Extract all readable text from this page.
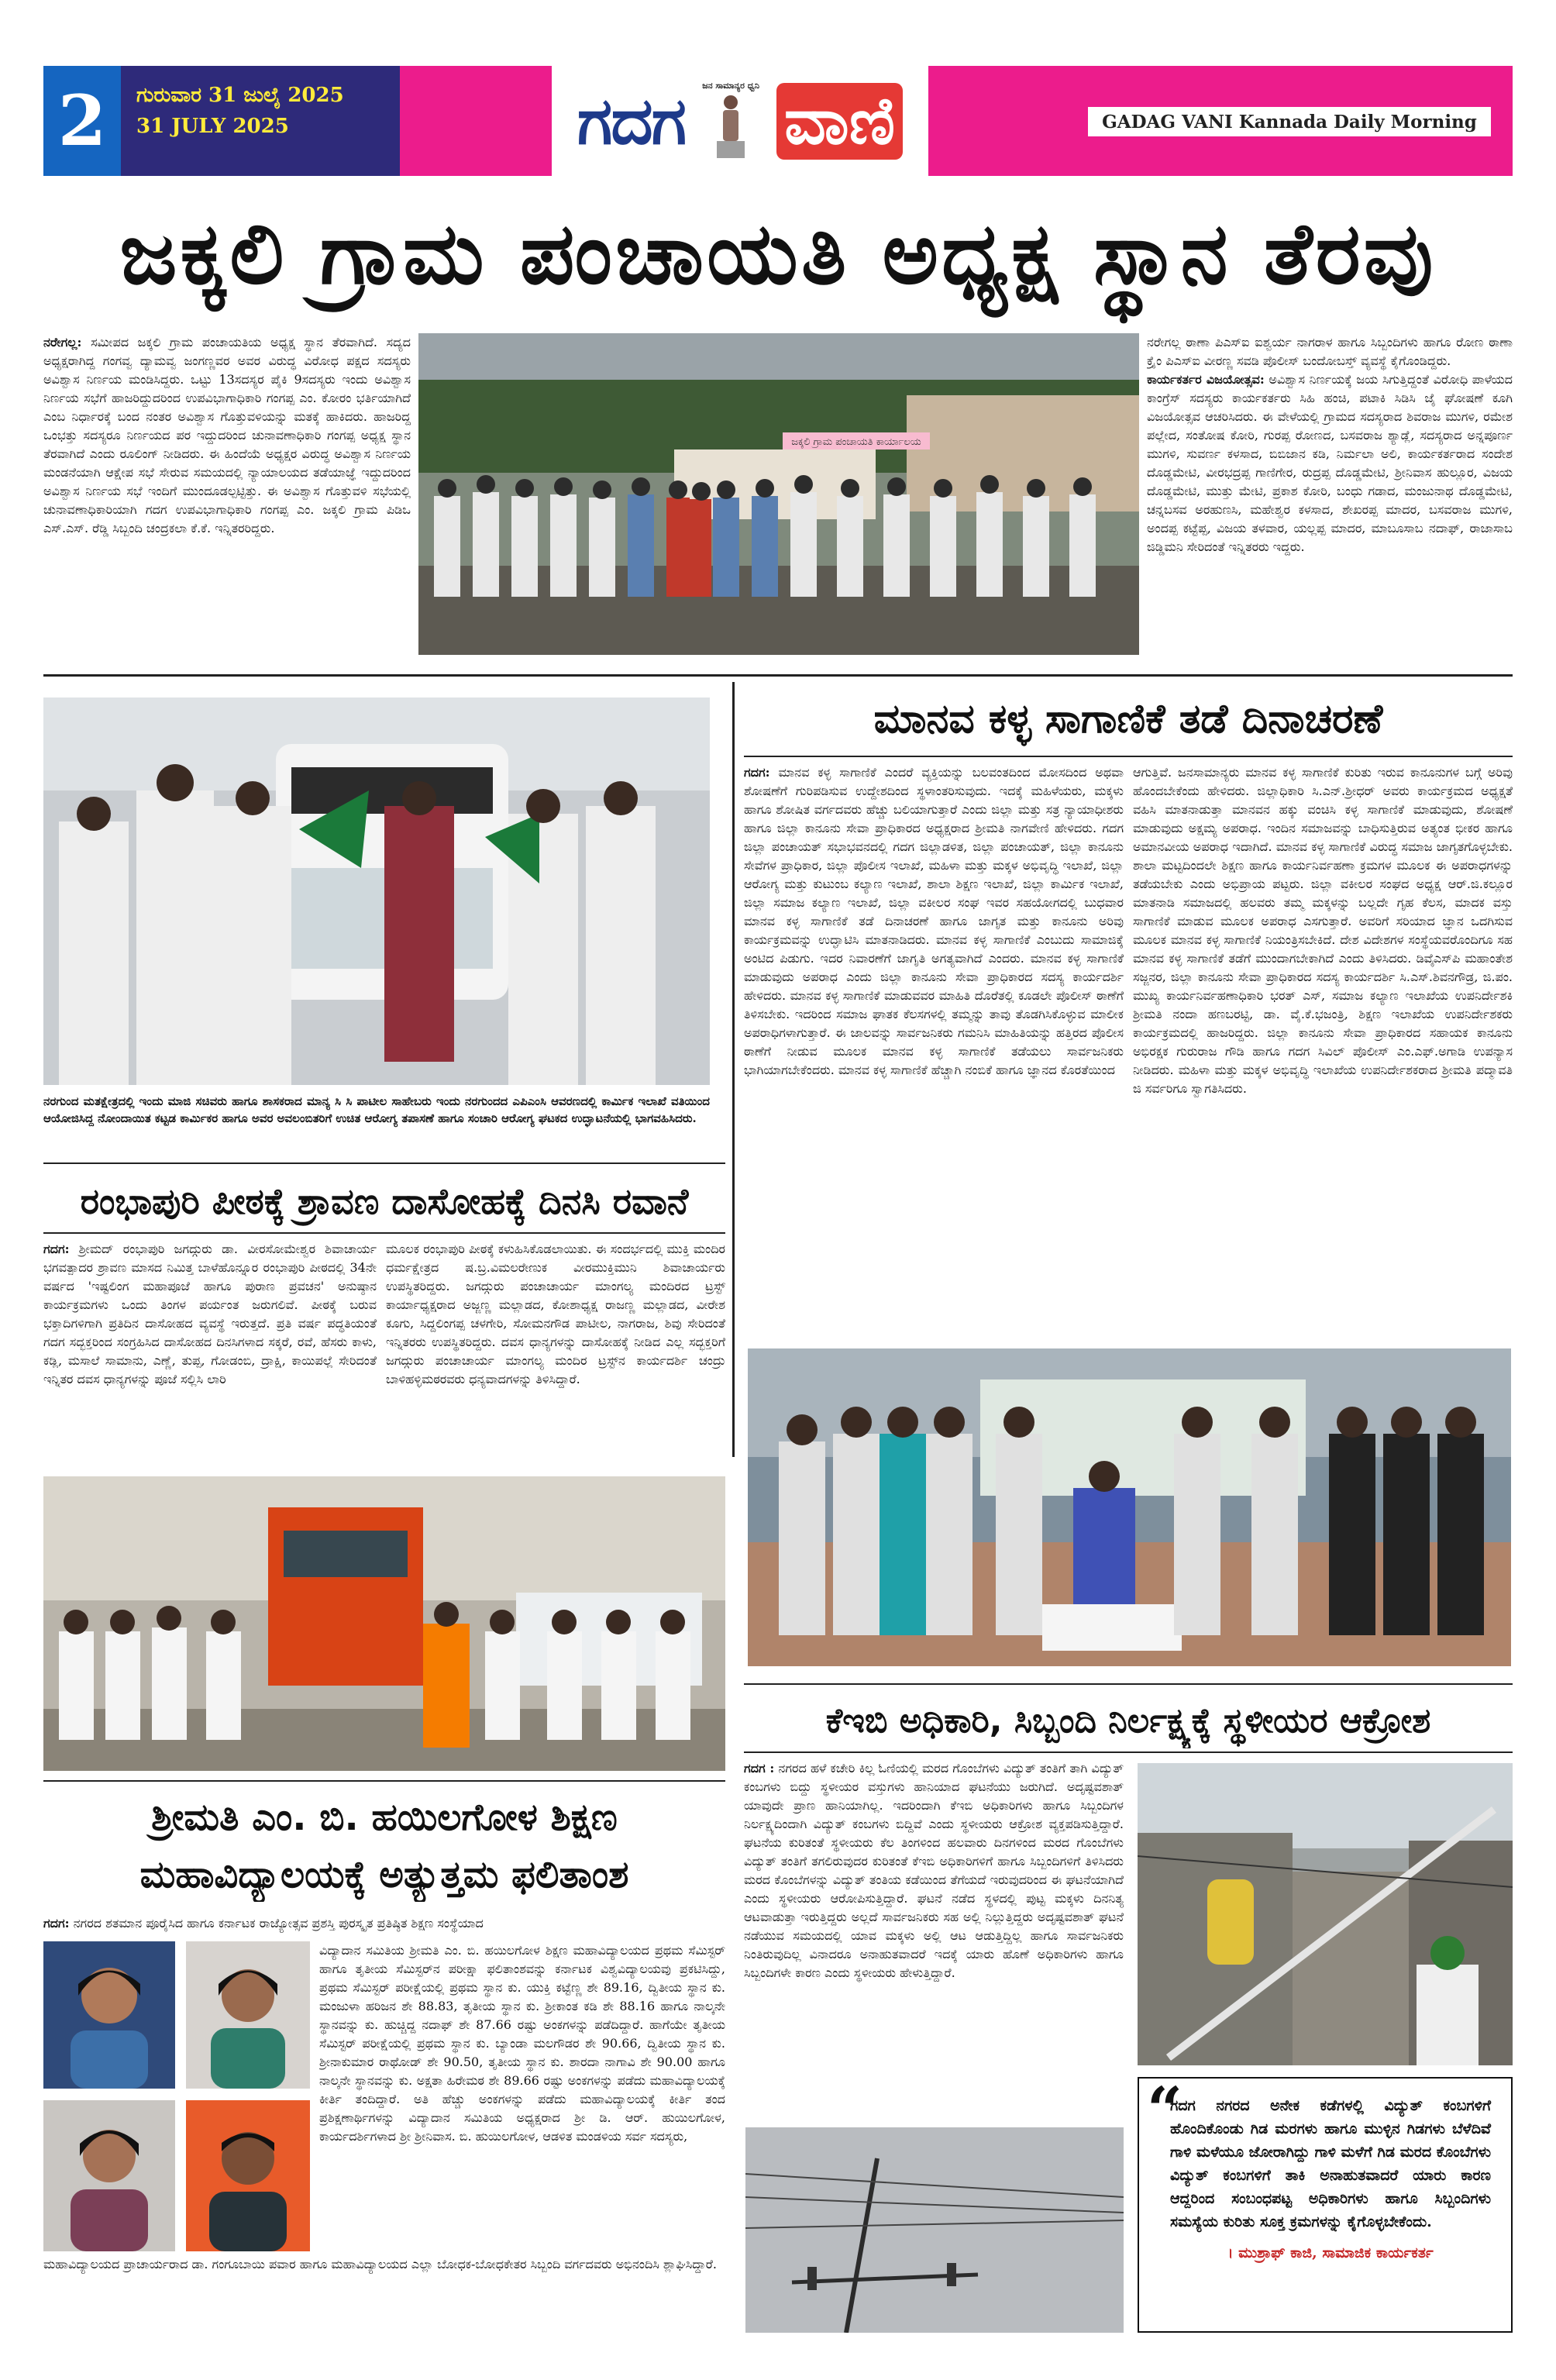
2	ಗುರುವಾರ 31 ಜುಲೈ 2025
31 JULY 2025	ಗದಗ	ಜನ ಸಾಮಾನ್ಯರ ಧ್ವನಿ ವಾಣಿ	GADAG VANI Kannada Daily Morning
ಜಕ್ಕಲಿ ಗ್ರಾಮ ಪಂಚಾಯತಿ ಅಧ್ಯಕ್ಷ ಸ್ಥಾನ ತೆರವು
ನರೇಗಲ್ಲ: ಸಮೀಪದ ಜಕ್ಕಲಿ ಗ್ರಾಮ ಪಂಚಾಯತಿಯ ಅಧ್ಯಕ್ಷ ಸ್ಥಾನ ತೆರವಾಗಿದೆ. ಸದ್ಯದ ಅಧ್ಯಕ್ಷರಾಗಿದ್ದ ಗಂಗವ್ವ ದ್ಯಾಮವ್ವ ಜಂಗಣ್ಣವರ ಅವರ ವಿರುದ್ಧ ವಿರೋಧ ಪಕ್ಷದ ಸದಸ್ಯರು ಅವಿಶ್ವಾಸ ನಿರ್ಣಯ ಮಂಡಿಸಿದ್ದರು. ಒಟ್ಟು 13ಸದಸ್ಯರ ಪೈಕಿ 9ಸದಸ್ಯರು ಇಂದು ಅವಿಶ್ವಾಸ ನಿರ್ಣಯ ಸಭೆಗೆ ಹಾಜರಿದ್ದುದರಿಂದ ಉಪವಿಭಾಗಾಧಿಕಾರಿ ಗಂಗಪ್ಪ ಎಂ. ಕೋರಂ ಭರ್ತಿಯಾಗಿದೆ ಎಂಬ ನಿರ್ಧಾರಕ್ಕೆ ಬಂದ ನಂತರ ಅವಿಶ್ವಾಸ ಗೊತ್ತುವಳಿಯನ್ನು ಮತಕ್ಕೆ ಹಾಕಿದರು. ಹಾಜರಿದ್ದ ಒಂಭತ್ತು ಸದಸ್ಯರೂ ನಿರ್ಣಯದ ಪರ ಇದ್ದುದರಿಂದ ಚುನಾವಣಾಧಿಕಾರಿ ಗಂಗಪ್ಪ ಅಧ್ಯಕ್ಷ ಸ್ಥಾನ ತೆರವಾಗಿದೆ ಎಂದು ರೂಲಿಂಗ್ ನೀಡಿದರು. ಈ ಹಿಂದೆಯೆ ಅಧ್ಯಕ್ಷರ ವಿರುದ್ಧ ಅವಿಶ್ವಾಸ ನಿರ್ಣಯ ಮಂಡನೆಯಾಗಿ ಆಕ್ಷೇಪ ಸಭೆ ಸೇರುವ ಸಮಯದಲ್ಲಿ ನ್ಯಾಯಾಲಯದ ತಡೆಯಾಜ್ಞೆ ಇದ್ದುದರಿಂದ ಅವಿಶ್ವಾಸ ನಿರ್ಣಯ ಸಭೆ ಇಂದಿಗೆ ಮುಂದೂಡಲ್ಪಟ್ಟಿತ್ತು. ಈ ಅವಿಶ್ವಾಸ ಗೊತ್ತುವಳಿ ಸಭೆಯಲ್ಲಿ ಚುನಾವಣಾಧಿಕಾರಿಯಾಗಿ ಗದಗ ಉಪವಿಭಾಗಾಧಿಕಾರಿ ಗಂಗಪ್ಪ ಎಂ. ಜಕ್ಕಲಿ ಗ್ರಾಮ ಪಿಡಿಒ ಎಸ್.ಎಸ್. ರೆಡ್ಡಿ ಸಿಬ್ಬಂದಿ ಚಂದ್ರಕಲಾ ಕೆ.ಕೆ. ಇನ್ನಿತರರಿದ್ದರು.
ಜಕ್ಕಲಿ ಗ್ರಾಮ ಪಂಚಾಯತಿ ಕಾರ್ಯಾಲಯ
ನರೇಗಲ್ಲ ಠಾಣಾ ಪಿಎಸ್‌ಐ ಐಶ್ವರ್ಯ ನಾಗರಾಳ ಹಾಗೂ ಸಿಬ್ಬಂದಿಗಳು ಹಾಗೂ ರೋಣ ಠಾಣಾ ಕ್ರೈಂ ಪಿಎಸ್‌ಐ ವೀರಣ್ಣ ಸವಡಿ ಪೊಲೀಸ್ ಬಂದೋಬಸ್ತ್ ವ್ಯವಸ್ಥೆ ಕೈಗೊಂಡಿದ್ದರು.
ಕಾರ್ಯಕರ್ತರ ವಿಜಯೋತ್ಸವ: ಅವಿಶ್ವಾಸ ನಿರ್ಣಯಕ್ಕೆ ಜಯ ಸಿಗುತ್ತಿದ್ದಂತೆ ವಿರೋಧಿ ಪಾಳೆಯದ ಕಾಂಗ್ರೆಸ್ ಸದಸ್ಯರು ಕಾರ್ಯಕರ್ತರು ಸಿಹಿ ಹಂಚಿ, ಪಟಾಕಿ ಸಿಡಿಸಿ ಜೈ ಘೋಷಣೆ ಕೂಗಿ ವಿಜಯೋತ್ಸವ ಆಚರಿಸಿದರು. ಈ ವೇಳೆಯಲ್ಲಿ ಗ್ರಾಮದ ಸದಸ್ಯರಾದ ಶಿವರಾಜ ಮುಗಳಿ, ರಮೇಶ ಪಲ್ಲೇದ, ಸಂತೋಷ ಕೋರಿ, ಗುರಪ್ಪ ರೋಣದ, ಬಸವರಾಜ ಶ್ಯಾಡ್ಲೆ, ಸದಸ್ಯರಾದ ಅನ್ನಪೂರ್ಣ ಮುಗಳಿ, ಸುವರ್ಣ ಕಳಸಾದ, ಬಿಬಿಜಾನ ಕಡಿ, ನಿರ್ಮಲಾ ಅಲಿ, ಕಾರ್ಯಕರ್ತರಾದ ಸಂದೇಶ ದೊಡ್ಡಮೇಟಿ, ವೀರಭದ್ರಪ್ಪ ಗಾಣಿಗೇರ, ರುದ್ರಪ್ಪ ದೊಡ್ಡಮೇಟಿ, ಶ್ರೀನಿವಾಸ ಹುಲ್ಲೂರ, ವಿಜಯ ದೊಡ್ಡಮೇಟಿ, ಮುತ್ತು ಮೇಟಿ, ಪ್ರಕಾಶ ಕೋರಿ, ಬಂಧು ಗಡಾದ, ಮಂಜುನಾಥ ದೊಡ್ಡಮೇಟಿ, ಚನ್ನಬಸವ ಅರಹುಣಸಿ, ಮಹೇಶ್ವರ ಕಳಸಾದ, ಶೇಖರಪ್ಪ ಮಾದರ, ಬಸವರಾಜ ಮುಗಳಿ, ಅಂದಪ್ಪ ಕಟ್ಟೆಪ್ಪ, ವಿಜಯ ತಳವಾರ, ಯಲ್ಲಪ್ಪ ಮಾದರ, ಮಾಬೂಸಾಬ ನದಾಫ್, ರಾಜಾಸಾಬ ಜಿಡ್ಡಿಮನಿ ಸೇರಿದಂತೆ ಇನ್ನಿತರರು ಇದ್ದರು.
ನರಗುಂದ ಮತಕ್ಷೇತ್ರದಲ್ಲಿ ಇಂದು ಮಾಜಿ ಸಚಿವರು ಹಾಗೂ ಶಾಸಕರಾದ ಮಾನ್ಯ ಸಿ ಸಿ ಪಾಟೀಲ ಸಾಹೇಬರು ಇಂದು ನರಗುಂದದ ಎಪಿಎಂಸಿ ಆವರಣದಲ್ಲಿ ಕಾರ್ಮಿಕ ಇಲಾಖೆ ವತಿಯಿಂದ ಆಯೋಜಿಸಿದ್ದ ನೋಂದಾಯಿತ ಕಟ್ಟಡ ಕಾರ್ಮಿಕರ ಹಾಗೂ ಅವರ ಅವಲಂಬಿತರಿಗೆ ಉಚಿತ ಆರೋಗ್ಯ ತಪಾಸಣೆ ಹಾಗೂ ಸಂಚಾರಿ ಆರೋಗ್ಯ ಘಟಕದ ಉದ್ಘಾಟನೆಯಲ್ಲಿ ಭಾಗವಹಿಸಿದರು.
ಮಾನವ ಕಳ್ಳ ಸಾಗಾಣಿಕೆ ತಡೆ ದಿನಾಚರಣೆ
ಗದಗ: ಮಾನವ ಕಳ್ಳ ಸಾಗಾಣಿಕೆ ಎಂದರೆ ವ್ಯಕ್ತಿಯನ್ನು ಬಲವಂತದಿಂದ ಮೋಸದಿಂದ ಅಥವಾ ಶೋಷಣೆಗೆ ಗುರಿಪಡಿಸುವ ಉದ್ದೇಶದಿಂದ ಸ್ಥಳಾಂತರಿಸುವುದು. ಇದಕ್ಕೆ ಮಹಿಳೆಯರು, ಮಕ್ಕಳು ಹಾಗೂ ಶೋಷಿತ ವರ್ಗದವರು ಹೆಚ್ಚು ಬಲಿಯಾಗುತ್ತಾರೆ ಎಂದು ಜಿಲ್ಲಾ ಮತ್ತು ಸತ್ರ ನ್ಯಾಯಾಧೀಶರು ಹಾಗೂ ಜಿಲ್ಲಾ ಕಾನೂನು ಸೇವಾ ಪ್ರಾಧಿಕಾರದ ಅಧ್ಯಕ್ಷರಾದ ಶ್ರೀಮತಿ ನಾಗವೇಣಿ ಹೇಳಿದರು. ಗದಗ ಜಿಲ್ಲಾ ಪಂಚಾಯತ್ ಸಭಾಭವನದಲ್ಲಿ ಗದಗ ಜಿಲ್ಲಾಡಳಿತ, ಜಿಲ್ಲಾ ಪಂಚಾಯತ್, ಜಿಲ್ಲಾ ಕಾನೂನು ಸೇವೆಗಳ ಪ್ರಾಧಿಕಾರ, ಜಿಲ್ಲಾ ಪೊಲೀಸ ಇಲಾಖೆ, ಮಹಿಳಾ ಮತ್ತು ಮಕ್ಕಳ ಅಭಿವೃದ್ಧಿ ಇಲಾಖೆ, ಜಿಲ್ಲಾ ಆರೋಗ್ಯ ಮತ್ತು ಕುಟುಂಬ ಕಲ್ಯಾಣ ಇಲಾಖೆ, ಶಾಲಾ ಶಿಕ್ಷಣ ಇಲಾಖೆ, ಜಿಲ್ಲಾ ಕಾರ್ಮಿಕ ಇಲಾಖೆ, ಜಿಲ್ಲಾ ಸಮಾಜ ಕಲ್ಯಾಣ ಇಲಾಖೆ, ಜಿಲ್ಲಾ ವಕೀಲರ ಸಂಘ ಇವರ ಸಹಯೋಗದಲ್ಲಿ ಬುಧವಾರ ಮಾನವ ಕಳ್ಳ ಸಾಗಾಣಿಕೆ ತಡೆ ದಿನಾಚರಣೆ ಹಾಗೂ ಜಾಗೃತ ಮತ್ತು ಕಾನೂನು ಅರಿವು ಕಾರ್ಯಕ್ರಮವನ್ನು ಉದ್ಘಾಟಿಸಿ ಮಾತನಾಡಿದರು. ಮಾನವ ಕಳ್ಳ ಸಾಗಾಣಿಕೆ ಎಂಬುದು ಸಾಮಾಜಿಕ್ಕೆ ಅಂಟಿದ ಪಿಡುಗು. ಇದರ ನಿವಾರಣೆಗೆ ಜಾಗೃತಿ ಅಗತ್ಯವಾಗಿದೆ ಎಂದರು. ಮಾನವ ಕಳ್ಳ ಸಾಗಾಣಿಕೆ ಮಾಡುವುದು ಅಪರಾಧ ಎಂದು ಜಿಲ್ಲಾ ಕಾನೂನು ಸೇವಾ ಪ್ರಾಧಿಕಾರದ ಸದಸ್ಯ ಕಾರ್ಯದರ್ಶಿ ಹೇಳಿದರು. ಮಾನವ ಕಳ್ಳ ಸಾಗಾಣಿಕೆ ಮಾಡುವವರ ಮಾಹಿತಿ ದೊರೆತಲ್ಲಿ ಕೂಡಲೇ ಪೊಲೀಸ್ ಠಾಣೆಗೆ ತಿಳಿಸಬೇಕು. ಇದರಿಂದ ಸಮಾಜ ಘಾತಕ ಕೆಲಸಗಳಲ್ಲಿ ತಮ್ಮನ್ನು ತಾವು ತೊಡಗಿಸಿಕೊಳ್ಳುವ ಮಾಲೀಕ ಅಪರಾಧಿಗಳಾಗುತ್ತಾರೆ. ಈ ಜಾಲವನ್ನು ಸಾರ್ವಜನಿಕರು ಗಮನಿಸಿ ಮಾಹಿತಿಯನ್ನು ಹತ್ತಿರದ ಪೊಲೀಸ ಠಾಣೆಗೆ ನೀಡುವ ಮೂಲಕ ಮಾನವ ಕಳ್ಳ ಸಾಗಾಣಿಕೆ ತಡೆಯಲು ಸಾರ್ವಜನಿಕರು ಭಾಗಿಯಾಗಬೇಕೆಂದರು. ಮಾನವ ಕಳ್ಳ ಸಾಗಾಣಿಕೆ ಹೆಚ್ಚಾಗಿ ನಂಬಿಕೆ ಹಾಗೂ ಜ್ಞಾನದ ಕೊರತೆಯಿಂದ
ಆಗುತ್ತಿವೆ. ಜನಸಾಮಾನ್ಯರು ಮಾನವ ಕಳ್ಳ ಸಾಗಾಣಿಕೆ ಕುರಿತು ಇರುವ ಕಾನೂನುಗಳ ಬಗ್ಗೆ ಅರಿವು ಹೊಂದಬೇಕೆಂದು ಹೇಳಿದರು. ಜಿಲ್ಲಾಧಿಕಾರಿ ಸಿ.ಎನ್.ಶ್ರೀಧರ್ ಅವರು ಕಾರ್ಯಕ್ರಮದ ಅಧ್ಯಕ್ಷತೆ ವಹಿಸಿ ಮಾತನಾಡುತ್ತಾ ಮಾನವನ ಹಕ್ಕು ವಂಚಿಸಿ ಕಳ್ಳ ಸಾಗಾಣಿಕೆ ಮಾಡುವುದು, ಶೋಷಣೆ ಮಾಡುವುದು ಅಕ್ಷಮ್ಯ ಅಪರಾಧ. ಇಂದಿನ ಸಮಾಜವನ್ನು ಬಾಧಿಸುತ್ತಿರುವ ಅತ್ಯಂತ ಭೀಕರ ಹಾಗೂ ಅಮಾನವೀಯ ಅಪರಾಧ ಇದಾಗಿದೆ. ಮಾನವ ಕಳ್ಳ ಸಾಗಾಣಿಕೆ ವಿರುದ್ಧ ಸಮಾಜ ಜಾಗೃತಗೊಳ್ಳಬೇಕು. ಶಾಲಾ ಮಟ್ಟದಿಂದಲೇ ಶಿಕ್ಷಣ ಹಾಗೂ ಕಾರ್ಯನಿರ್ವಹಣಾ ಕ್ರಮಗಳ ಮೂಲಕ ಈ ಅಪರಾಧಗಳನ್ನು ತಡೆಯಬೇಕು ಎಂದು ಅಭಿಪ್ರಾಯ ಪಟ್ಟರು. ಜಿಲ್ಲಾ ವಕೀಲರ ಸಂಘದ ಅಧ್ಯಕ್ಷ ಆರ್.ಜಿ.ಕಲ್ಲೂರ ಮಾತನಾಡಿ ಸಮಾಜದಲ್ಲಿ ಹಲವರು ತಮ್ಮ ಮಕ್ಕಳನ್ನು ಬಲ್ಲದೇ ಗೃಹ ಕೆಲಸ, ಮಾದಕ ವಸ್ತು ಸಾಗಾಣಿಕೆ ಮಾಡುವ ಮೂಲಕ ಅಪರಾಧ ಎಸಗುತ್ತಾರೆ. ಅವರಿಗೆ ಸರಿಯಾದ ಜ್ಞಾನ ಒದಗಿಸುವ ಮೂಲಕ ಮಾನವ ಕಳ್ಳ ಸಾಗಾಣಿಕೆ ನಿಯಂತ್ರಿಸಬೇಕಿದೆ. ದೇಶ ವಿದೇಶಗಳ ಸಂಸ್ಥೆಯವರೊಂದಿಗೂ ಸಹ ಮಾನವ ಕಳ್ಳ ಸಾಗಾಣಿಕೆ ತಡೆಗೆ ಮುಂದಾಗಬೇಕಾಗಿದೆ ಎಂದು ತಿಳಿಸಿದರು. ಡಿವೈಎಸ್‌ಪಿ ಮಹಾಂತೇಶ ಸಜ್ಜನರ, ಜಿಲ್ಲಾ ಕಾನೂನು ಸೇವಾ ಪ್ರಾಧಿಕಾರದ ಸದಸ್ಯ ಕಾರ್ಯದರ್ಶಿ ಸಿ.ಎಸ್.ಶಿವನಗೌಡ್ರ, ಜಿ.ಪಂ. ಮುಖ್ಯ ಕಾರ್ಯನಿರ್ವಹಣಾಧಿಕಾರಿ ಭರತ್ ಎಸ್, ಸಮಾಜ ಕಲ್ಯಾಣ ಇಲಾಖೆಯ ಉಪನಿರ್ದೇಶಕಿ ಶ್ರೀಮತಿ ನಂದಾ ಹಣಬರಟ್ಟಿ, ಡಾ. ವೈ.ಕೆ.ಭಜಂತ್ರಿ, ಶಿಕ್ಷಣ ಇಲಾಖೆಯ ಉಪನಿರ್ದೇಶಕರು ಕಾರ್ಯಕ್ರಮದಲ್ಲಿ ಹಾಜರಿದ್ದರು. ಜಿಲ್ಲಾ ಕಾನೂನು ಸೇವಾ ಪ್ರಾಧಿಕಾರದ ಸಹಾಯಕ ಕಾನೂನು ಅಭಿರಕ್ಷಕ ಗುರುರಾಜ ಗೌಡಿ ಹಾಗೂ ಗದಗ ಸಿವಿಲ್ ಪೊಲೀಸ್ ಎಂ.ಎಫ್.ಅಗಾಡಿ ಉಪನ್ಯಾಸ ನೀಡಿದರು. ಮಹಿಳಾ ಮತ್ತು ಮಕ್ಕಳ ಅಭಿವೃದ್ಧಿ ಇಲಾಖೆಯ ಉಪನಿರ್ದೇಶಕರಾದ ಶ್ರೀಮತಿ ಪದ್ಮಾವತಿ ಜಿ ಸರ್ವರಿಗೂ ಸ್ವಾಗತಿಸಿದರು.
ರಂಭಾಪುರಿ ಪೀಠಕ್ಕೆ ಶ್ರಾವಣ ದಾಸೋಹಕ್ಕೆ ದಿನಸಿ ರವಾನೆ
ಗದಗ: ಶ್ರೀಮದ್ ರಂಭಾಪುರಿ ಜಗದ್ಗುರು ಡಾ. ವೀರಸೋಮೇಶ್ವರ ಶಿವಾಚಾರ್ಯ ಭಗವತ್ಪಾದರ ಶ್ರಾವಣ ಮಾಸದ ನಿಮಿತ್ತ ಬಾಳೆಹೊನ್ನೂರ ರಂಭಾಪುರಿ ಪೀಠದಲ್ಲಿ 34ನೇ ವರ್ಷದ 'ಇಷ್ಟಲಿಂಗ ಮಹಾಪೂಜೆ ಹಾಗೂ ಪುರಾಣ ಪ್ರವಚನ' ಅನುಷ್ಠಾನ ಕಾರ್ಯಕ್ರಮಗಳು ಒಂದು ತಿಂಗಳ ಪರ್ಯಂತ ಜರುಗಲಿವೆ. ಪೀಠಕ್ಕೆ ಬರುವ ಭಕ್ತಾದಿಗಳಿಗಾಗಿ ಪ್ರತಿದಿನ ದಾಸೋಹದ ವ್ಯವಸ್ಥೆ ಇರುತ್ತದೆ. ಪ್ರತಿ ವರ್ಷ ಪದ್ಧತಿಯಂತೆ ಗದಗ ಸದ್ಭಕ್ತರಿಂದ ಸಂಗ್ರಹಿಸಿದ ದಾಸೋಹದ ದಿನಸಿಗಳಾದ ಸಕ್ಕರೆ, ರವೆ, ಹೆಸರು ಕಾಳು, ಕಡ್ಲಿ, ಮಸಾಲೆ ಸಾಮಾನು, ಎಣ್ಣೆ, ತುಪ್ಪ, ಗೋಡಂಬಿ, ದ್ರಾಕ್ಷಿ, ಕಾಯಿಪಲ್ಲೆ ಸೇರಿದಂತೆ ಇನ್ನಿತರ ದವಸ ಧಾನ್ಯಗಳನ್ನು ಪೂಜೆ ಸಲ್ಲಿಸಿ ಲಾರಿ
ಮೂಲಕ ರಂಭಾಪುರಿ ಪೀಠಕ್ಕೆ ಕಳುಹಿಸಿಕೊಡಲಾಯಿತು. ಈ ಸಂದರ್ಭದಲ್ಲಿ ಮುಕ್ತಿ ಮಂದಿರ ಧರ್ಮಕ್ಷೇತ್ರದ ಷ.ಬ್ರ.ವಿಮಲರೇಣುಕ ವೀರಮುಕ್ತಿಮುನಿ ಶಿವಾಚಾರ್ಯರು ಉಪಸ್ಥಿತರಿದ್ದರು. ಜಗದ್ಗುರು ಪಂಚಾಚಾರ್ಯ ಮಾಂಗಲ್ಯ ಮಂದಿರದ ಟ್ರಸ್ಟ್ ಕಾರ್ಯಾಧ್ಯಕ್ಷರಾದ ಅಜ್ಜಣ್ಣ ಮಲ್ಲಾಡದ, ಕೋಶಾಧ್ಯಕ್ಷ ರಾಜಣ್ಣ ಮಲ್ಲಾಡದ, ವೀರೇಶ ಕೂಗು, ಸಿದ್ದಲಿಂಗಪ್ಪ ಚಳಗೇರಿ, ಸೋಮನಗೌಡ ಪಾಟೀಲ, ನಾಗರಾಜ, ಶಿವು ಸೇರಿದಂತೆ ಇನ್ನಿತರರು ಉಪಸ್ಥಿತರಿದ್ದರು. ದವಸ ಧಾನ್ಯಗಳನ್ನು ದಾಸೋಹಕ್ಕೆ ನೀಡಿದ ಎಲ್ಲ ಸದ್ಭಕ್ತರಿಗೆ ಜಗದ್ಗುರು ಪಂಚಾಚಾರ್ಯ ಮಾಂಗಲ್ಯ ಮಂದಿರ ಟ್ರಸ್ಟ್‌ನ ಕಾರ್ಯದರ್ಶಿ ಚಂದ್ರು ಬಾಳಿಹಳ್ಳಿಮಠರವರು ಧನ್ಯವಾದಗಳನ್ನು ತಿಳಿಸಿದ್ದಾರೆ.
ಶ್ರೀಮತಿ ಎಂ. ಬಿ. ಹಯಿಲಗೋಳ ಶಿಕ್ಷಣ
ಮಹಾವಿದ್ಯಾಲಯಕ್ಕೆ ಅತ್ಯುತ್ತಮ ಫಲಿತಾಂಶ
ಗದಗ: ನಗರದ ಶತಮಾನ ಪೂರೈಸಿದ ಹಾಗೂ ಕರ್ನಾಟಕ ರಾಜ್ಯೋತ್ಸವ ಪ್ರಶಸ್ತಿ ಪುರಸ್ಕೃತ ಪ್ರತಿಷ್ಠಿತ ಶಿಕ್ಷಣ ಸಂಸ್ಥೆಯಾದ
ವಿದ್ಯಾದಾನ ಸಮಿತಿಯ ಶ್ರೀಮತಿ ಎಂ. ಬಿ. ಹಯಿಲಗೋಳ ಶಿಕ್ಷಣ ಮಹಾವಿದ್ಯಾಲಯದ ಪ್ರಥಮ ಸೆಮಿಸ್ಟರ್ ಹಾಗೂ ತೃತೀಯ ಸೆಮಿಸ್ಟರ್‌ನ ಪರೀಕ್ಷಾ ಫಲಿತಾಂಶವನ್ನು ಕರ್ನಾಟಕ ವಿಶ್ವವಿದ್ಯಾಲಯವು ಪ್ರಕಟಿಸಿದ್ದು, ಪ್ರಥಮ ಸೆಮಿಸ್ಟರ್ ಪರೀಕ್ಷೆಯಲ್ಲಿ ಪ್ರಥಮ ಸ್ಥಾನ ಕು. ಯುಕ್ತಿ ಕಟ್ಟೆಣ್ಣ ಶೇ 89.16, ದ್ವಿತೀಯ ಸ್ಥಾನ ಕು. ಮಂಜುಳಾ ಹರಿಜನ ಶೇ 88.83, ತೃತೀಯ ಸ್ಥಾನ ಕು. ಶ್ರೀಕಾಂತ ಕಡಿ ಶೇ 88.16 ಹಾಗೂ ನಾಲ್ಕನೇ ಸ್ಥಾನವನ್ನು ಕು. ಹುಚ್ಚಿದ್ದ ನದಾಫ್ ಶೇ 87.66 ರಷ್ಟು ಅಂಕಗಳನ್ನು ಪಡೆದಿದ್ದಾರೆ. ಹಾಗೆಯೇ ತೃತೀಯ ಸೆಮಿಸ್ಟರ್ ಪರೀಕ್ಷೆಯಲ್ಲಿ ಪ್ರಥಮ ಸ್ಥಾನ ಕು. ಬ್ಯಾಂಡಾ ಮಲಗೌಡರ ಶೇ 90.66, ದ್ವಿತೀಯ ಸ್ಥಾನ ಕು. ಶ್ರೀನಾಕುಮಾರ ರಾಥೋಡ್ ಶೇ 90.50, ತೃತೀಯ ಸ್ಥಾನ ಕು. ಶಾರದಾ ನಾಗಾವಿ ಶೇ 90.00 ಹಾಗೂ ನಾಲ್ಕನೇ ಸ್ಥಾನವನ್ನು ಕು. ಅಕ್ಷತಾ ಹಿರೇಮಠ ಶೇ 89.66 ರಷ್ಟು ಅಂಕಗಳನ್ನು ಪಡೆದು ಮಹಾವಿದ್ಯಾಲಯಕ್ಕೆ ಕೀರ್ತಿ ತಂದಿದ್ದಾರೆ. ಅತಿ ಹೆಚ್ಚು ಅಂಕಗಳನ್ನು ಪಡೆದು ಮಹಾವಿದ್ಯಾಲಯಕ್ಕೆ ಕೀರ್ತಿ ತಂದ ಪ್ರಶಿಕ್ಷಣಾರ್ಥಿಗಳನ್ನು ವಿದ್ಯಾದಾನ ಸಮಿತಿಯ ಅಧ್ಯಕ್ಷರಾದ ಶ್ರೀ ಡಿ. ಆರ್. ಹುಯಿಲಗೋಳ, ಕಾರ್ಯದರ್ಶಿಗಳಾದ ಶ್ರೀ ಶ್ರೀನಿವಾಸ. ಬಿ. ಹುಯಿಲಗೋಳ, ಆಡಳಿತ ಮಂಡಳಿಯ ಸರ್ವ ಸದಸ್ಯರು,
ಮಹಾವಿದ್ಯಾಲಯದ ಪ್ರಾಚಾರ್ಯರಾದ ಡಾ. ಗಂಗೂಬಾಯಿ ಪವಾರ ಹಾಗೂ ಮಹಾವಿದ್ಯಾಲಯದ ಎಲ್ಲಾ ಬೋಧಕ-ಬೋಧಕೇತರ ಸಿಬ್ಬಂದಿ ವರ್ಗದವರು ಅಭಿನಂದಿಸಿ ಶ್ಲಾಘಿಸಿದ್ದಾರೆ.
ಕೆಇಬಿ ಅಧಿಕಾರಿ, ಸಿಬ್ಬಂದಿ ನಿರ್ಲಕ್ಷ್ಯಕ್ಕೆ ಸ್ಥಳೀಯರ ಆಕ್ರೋಶ
ಗದಗ : ನಗರದ ಹಳೆ ಕಚೇರಿ ಕಿಲ್ಲ ಓಣಿಯಲ್ಲಿ ಮರದ ಗೊಂಬೆಗಳು ವಿದ್ಯುತ್ ತಂತಿಗೆ ತಾಗಿ ವಿದ್ಯುತ್ ಕಂಬಗಳು ಬಿದ್ದು ಸ್ಥಳೀಯರ ವಸ್ತುಗಳು ಹಾನಿಯಾದ ಘಟನೆಯು ಜರುಗಿದೆ. ಅದೃಷ್ಟವಶಾತ್ ಯಾವುದೇ ಪ್ರಾಣ ಹಾನಿಯಾಗಿಲ್ಲ. ಇದರಿಂದಾಗಿ ಕೆಇಬಿ ಅಧಿಕಾರಿಗಳು ಹಾಗೂ ಸಿಬ್ಬಂದಿಗಳ ನಿರ್ಲಕ್ಷ್ಯದಿಂದಾಗಿ ವಿದ್ಯುತ್ ಕಂಬಗಳು ಬಿದ್ದಿವೆ ಎಂದು ಸ್ಥಳೀಯರು ಆಕ್ರೋಶ ವ್ಯಕ್ತಪಡಿಸುತ್ತಿದ್ದಾರೆ. ಘಟನೆಯ ಕುರಿತಂತೆ ಸ್ಥಳೀಯರು ಕೆಲ ತಿಂಗಳಿಂದ ಹಲವಾರು ದಿನಗಳಿಂದ ಮರದ ಗೊಂಬೆಗಳು ವಿದ್ಯುತ್ ತಂತಿಗೆ ತಗಲಿರುವುದರ ಕುರಿತಂತೆ ಕೆಇಬಿ ಅಧಿಕಾರಿಗಳಿಗೆ ಹಾಗೂ ಸಿಬ್ಬಂದಿಗಳಿಗೆ ತಿಳಿಸಿದರು ಮರದ ಕೊಂಬೆಗಳನ್ನು ವಿದ್ಯುತ್ ತಂತಿಯ ಕಡೆಯಿಂದ ತೆಗೆಯದೆ ಇರುವುದರಿಂದ ಈ ಘಟನೆಯಾಗಿದೆ ಎಂದು ಸ್ಥಳೀಯರು ಆರೋಪಿಸುತ್ತಿದ್ದಾರೆ. ಘಟನೆ ನಡೆದ ಸ್ಥಳದಲ್ಲಿ ಪುಟ್ಟ ಮಕ್ಕಳು ದಿನನಿತ್ಯ ಆಟವಾಡುತ್ತಾ ಇರುತ್ತಿದ್ದರು ಅಲ್ಲದೆ ಸಾರ್ವಜನಿಕರು ಸಹ ಅಲ್ಲಿ ನಿಲ್ಲುತ್ತಿದ್ದರು ಅದೃಷ್ಟವಶಾತ್ ಘಟನೆ ನಡೆಯುವ ಸಮಯದಲ್ಲಿ ಯಾವ ಮಕ್ಕಳು ಅಲ್ಲಿ ಆಟ ಆಡುತ್ತಿದ್ದಿಲ್ಲ ಹಾಗೂ ಸಾರ್ವಜನಿಕರು ನಿಂತಿರುವುದಿಲ್ಲ ವಿನಾದರೂ ಅನಾಹುತವಾದರೆ ಇದಕ್ಕೆ ಯಾರು ಹೊಣೆ ಅಧಿಕಾರಿಗಳು ಹಾಗೂ ಸಿಬ್ಬಂದಿಗಳೇ ಕಾರಣ ಎಂದು ಸ್ಥಳೀಯರು ಹೇಳುತ್ತಿದ್ದಾರೆ.
“

ಗದಗ ನಗರದ ಅನೇಕ ಕಡೆಗಳಲ್ಲಿ ವಿದ್ಯುತ್ ಕಂಬಗಳಿಗೆ ಹೊಂದಿಕೊಂಡು ಗಿಡ ಮರಗಳು ಹಾಗೂ ಮುಳ್ಳಿನ ಗಿಡಗಳು ಬೆಳೆದಿವೆ ಗಾಳಿ ಮಳೆಯೂ ಜೋರಾಗಿದ್ದು ಗಾಳಿ ಮಳೆಗೆ ಗಿಡ ಮರದ ಕೊಂಬೆಗಳು ವಿದ್ಯುತ್ ಕಂಬಗಳಿಗೆ ತಾಕಿ ಅನಾಹುತವಾದರೆ ಯಾರು ಕಾರಣ ಆದ್ದರಿಂದ ಸಂಬಂಧಪಟ್ಟ ಅಧಿಕಾರಿಗಳು ಹಾಗೂ ಸಿಬ್ಬಂದಿಗಳು ಸಮಸ್ಯೆಯ ಕುರಿತು ಸೂಕ್ತ ಕ್ರಮಗಳನ್ನು ಕೈಗೊಳ್ಳಬೇಕೆಂದು.

। ಮುಶ್ರಾಫ್ ಕಾಜಿ, ಸಾಮಾಜಿಕ ಕಾರ್ಯಕರ್ತ
